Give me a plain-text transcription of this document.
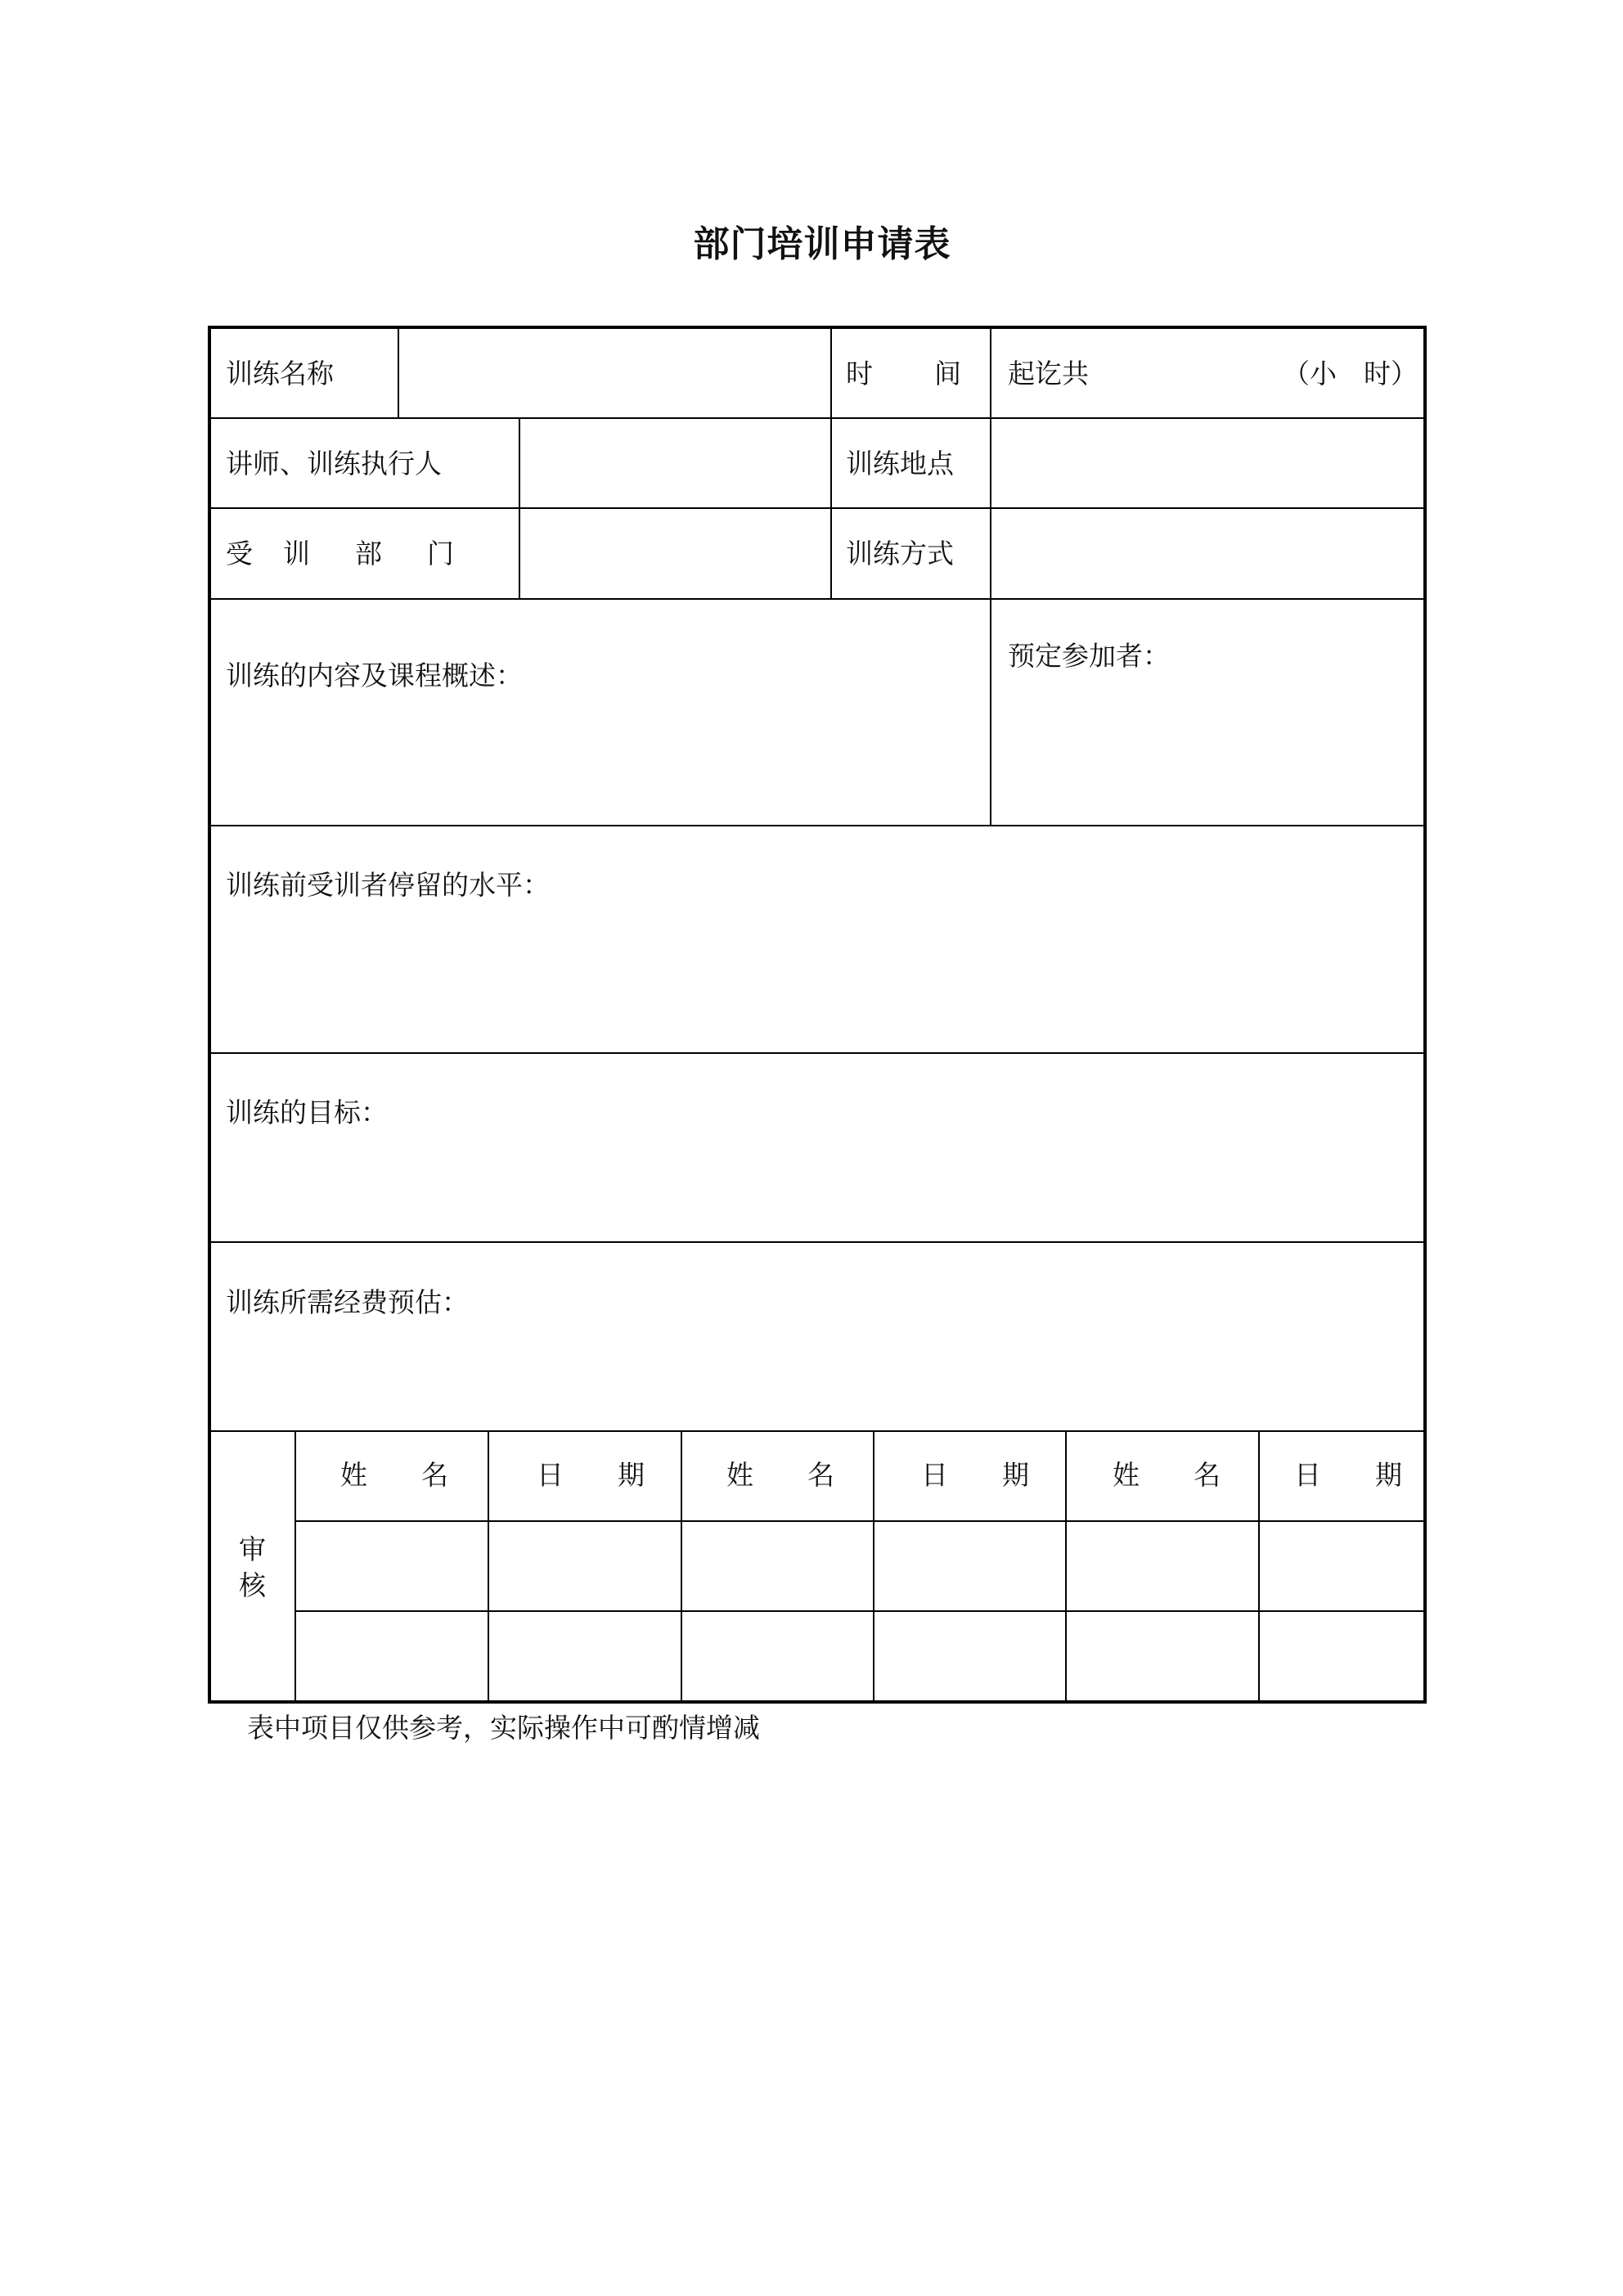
部门培训申请表
训练名称	时 间 起讫共	（小　时）
讲师、训练执行人	训练地点
受 训 部 门	训练方式
训练的内容及课程概述：
预定参加者：
训练前受训者停留的水平：
训练的目标：
训练所需经费预估：
审
核
姓　　名	日　　期	姓　　名	日　　期	姓　　名	日　　期
表中项目仅供参考，实际操作中可酌情增减
